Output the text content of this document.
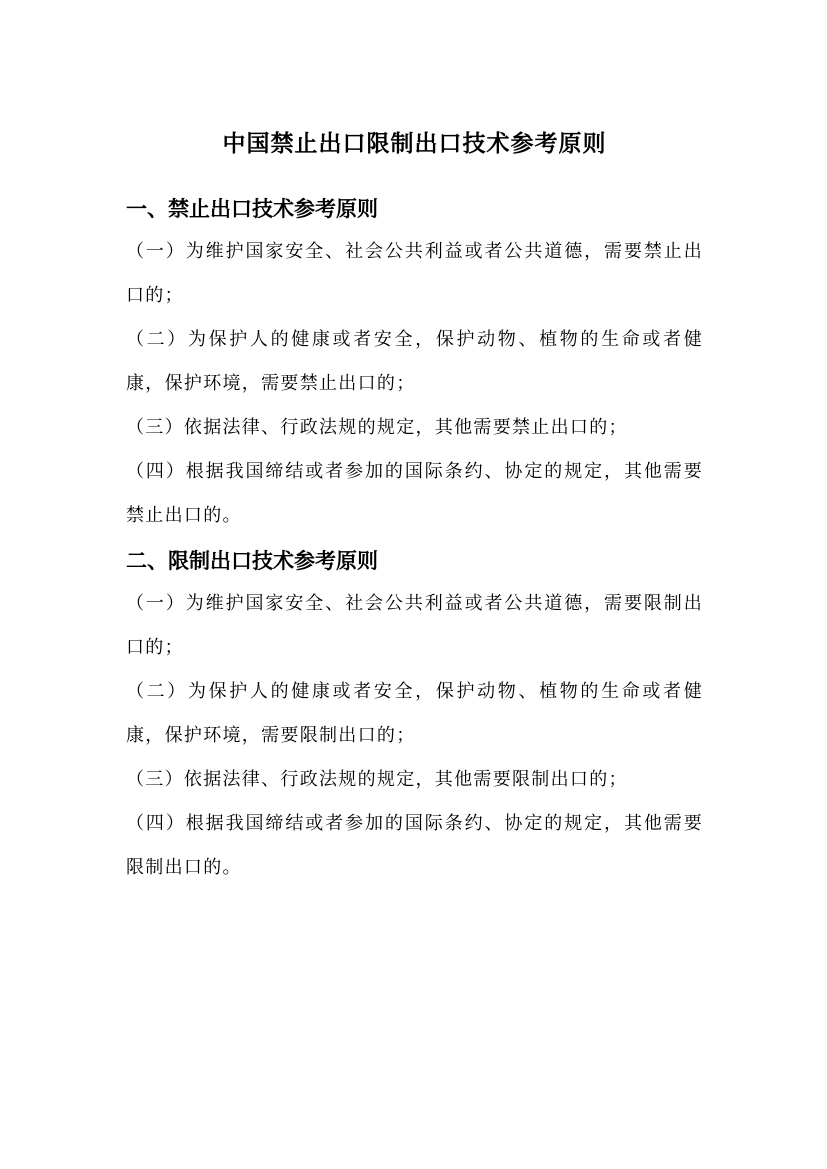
中国禁止出口限制出口技术参考原则
一、禁止出口技术参考原则

（一）为维护国家安全、社会公共利益或者公共道德，需要禁止出口的；

（二）为保护人的健康或者安全，保护动物、植物的生命或者健康，保护环境，需要禁止出口的；

（三）依据法律、行政法规的规定，其他需要禁止出口的；

（四）根据我国缔结或者参加的国际条约、协定的规定，其他需要禁止出口的。

二、限制出口技术参考原则

（一）为维护国家安全、社会公共利益或者公共道德，需要限制出口的；

（二）为保护人的健康或者安全，保护动物、植物的生命或者健康，保护环境，需要限制出口的；

（三）依据法律、行政法规的规定，其他需要限制出口的；

（四）根据我国缔结或者参加的国际条约、协定的规定，其他需要限制出口的。
